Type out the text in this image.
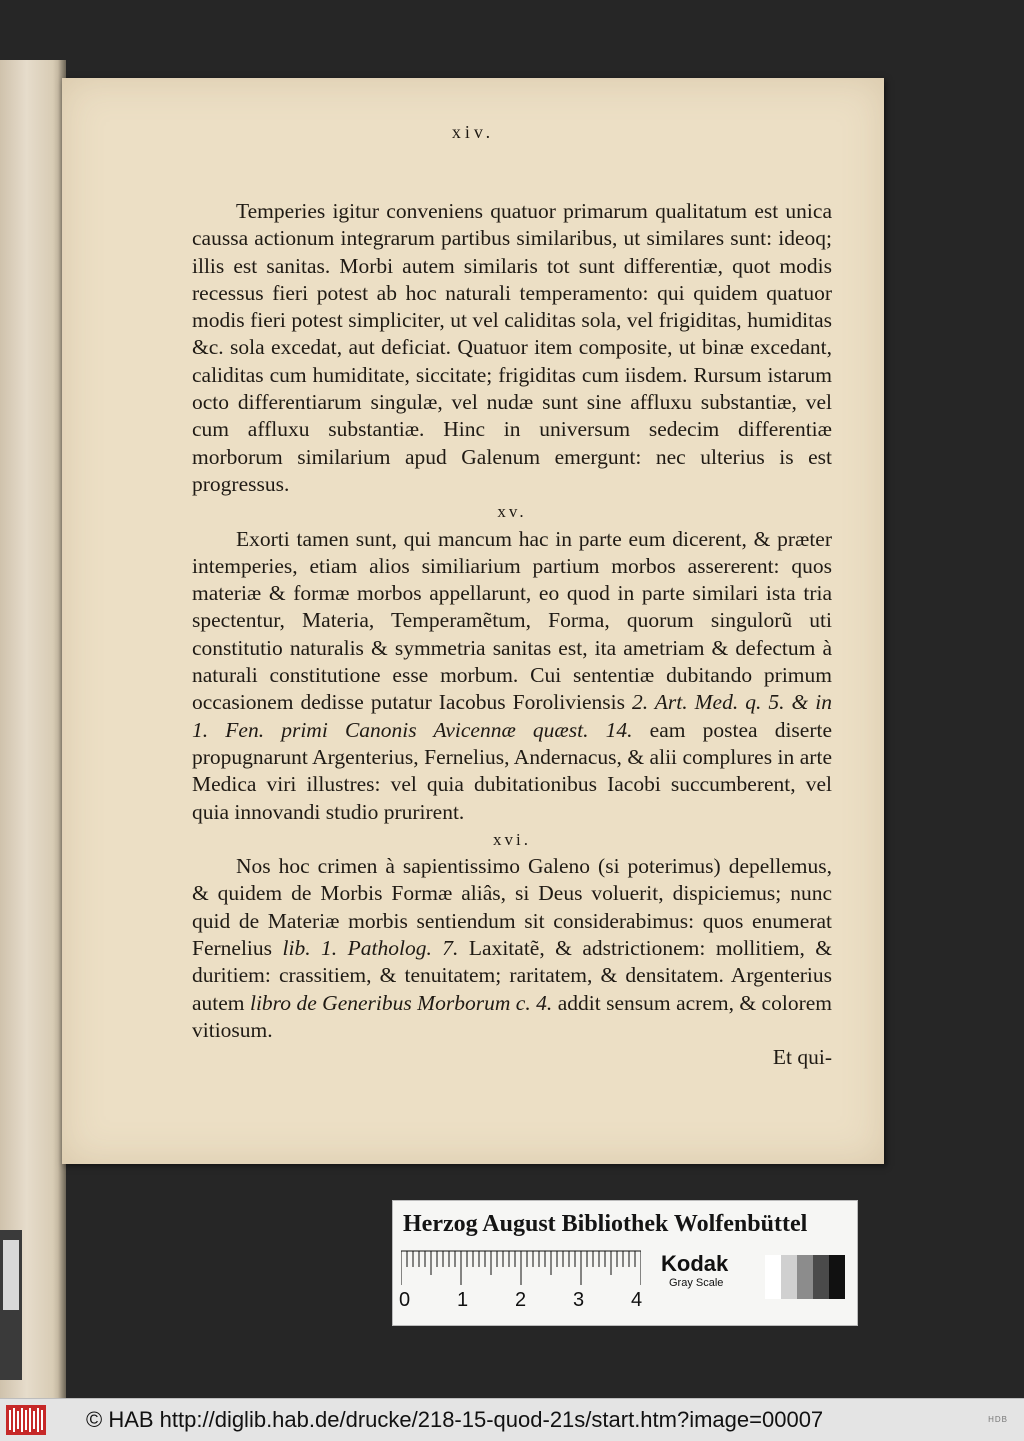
xiv.

Temperies igitur conveniens quatuor primarum qualitatum est unica caussa actionum integrarum partibus similaribus, ut similares sunt: ideoq; illis est sanitas. Morbi autem similaris tot sunt differentiæ, quot modis recessus fieri potest ab hoc naturali temperamento: qui quidem quatuor modis fieri potest simpliciter, ut vel caliditas sola, vel frigiditas, humiditas &c. sola excedat, aut deficiat. Quatuor item composite, ut binæ excedant, caliditas cum humiditate, siccitate; frigiditas cum iisdem. Rursum istarum octo differentiarum singulæ, vel nudæ sunt sine affluxu substantiæ, vel cum affluxu substantiæ. Hinc in universum sedecim differentiæ morborum similarium apud Galenum emergunt: nec ulterius is est progressus.

xv.

Exorti tamen sunt, qui mancum hac in parte eum dicerent, & præter intemperies, etiam alios similiarium partium morbos assererent: quos materiæ & formæ morbos appellarunt, eo quod in parte similari ista tria spectentur, Materia, Temperamẽtum, Forma, quorum singulorũ uti constitutio naturalis & symmetria sanitas est, ita ametriam & defectum à naturali constitutione esse morbum. Cui sententiæ dubitando primum occasionem dedisse putatur Iacobus Foroliviensis 2. Art. Med. q. 5. & in 1. Fen. primi Canonis Avicennæ quæst. 14. eam postea diserte propugnarunt Argenterius, Fernelius, Andernacus, & alii complures in arte Medica viri illustres: vel quia dubitationibus Iacobi succumberent, vel quia innovandi studio prurirent.

xvi.

Nos hoc crimen à sapientissimo Galeno (si poterimus) depellemus, & quidem de Morbis Formæ aliâs, si Deus voluerit, dispiciemus; nunc quid de Materiæ morbis sentiendum sit considerabimus: quos enumerat Fernelius lib. 1. Patholog. 7. Laxitatẽ, & adstrictionem: mollitiem, & duritiem: crassitiem, & tenuitatem; raritatem, & densitatem. Argenterius autem libro de Generibus Morborum c. 4. addit sensum acrem, & colorem vitiosum.

Et qui-

Herzog August Bibliothek Wolfenbüttel
0 1 2 3 4
Kodak
Gray Scale
© HAB http://diglib.hab.de/drucke/218-15-quod-21s/start.htm?image=00007	HDB
